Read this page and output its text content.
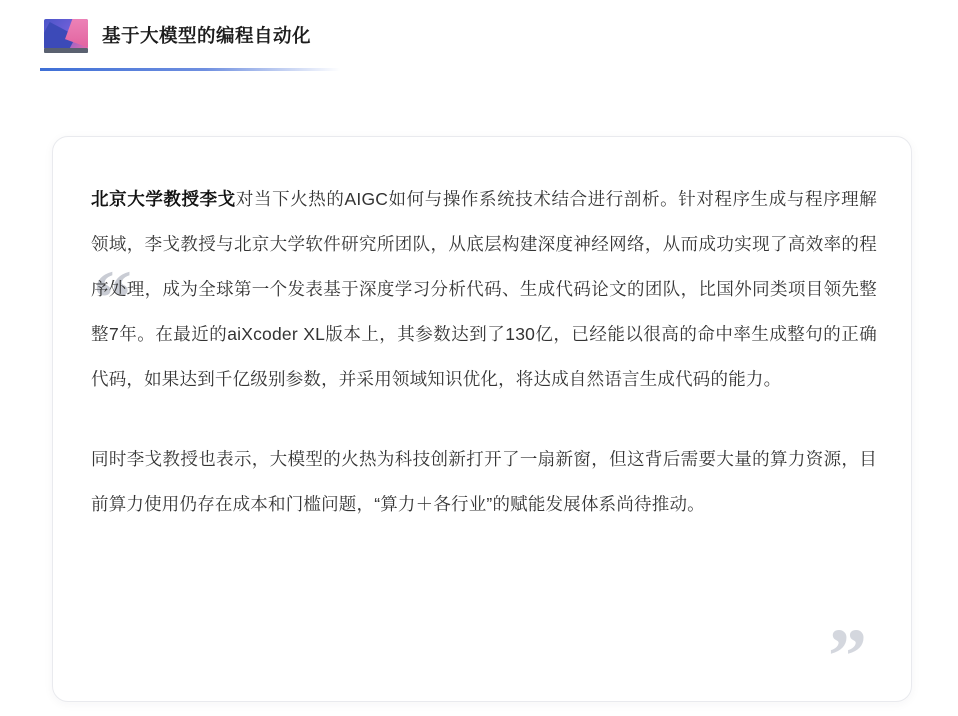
基于大模型的编程自动化
“
”

北京大学教授李戈对当下火热的AIGC如何与操作系统技术结合进行剖析。针对程序生成与程序理解领域，李戈教授与北京大学软件研究所团队，从底层构建深度神经网络，从而成功实现了高效率的程序处理，成为全球第一个发表基于深度学习分析代码、生成代码论文的团队，比国外同类项目领先整整7年。在最近的aiXcoder XL版本上，其参数达到了130亿，已经能以很高的命中率生成整句的正确代码，如果达到千亿级别参数，并采用领域知识优化，将达成自然语言生成代码的能力。

同时李戈教授也表示，大模型的火热为科技创新打开了一扇新窗，但这背后需要大量的算力资源，目前算力使用仍存在成本和门槛问题，“算力＋各行业”的赋能发展体系尚待推动。
